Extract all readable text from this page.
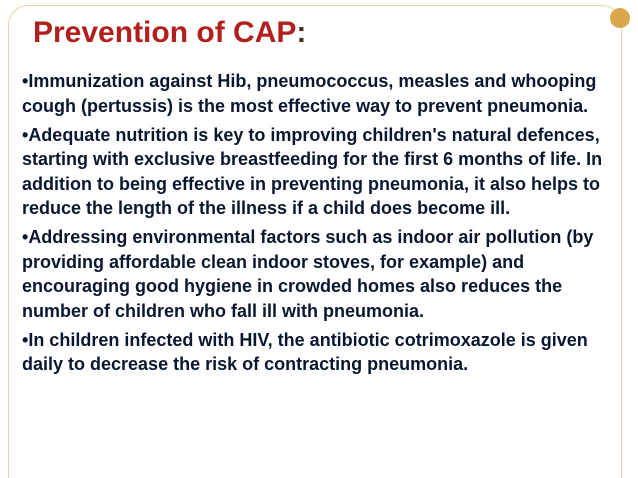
Prevention of CAP:

•Immunization against Hib, pneumococcus, measles and whooping cough (pertussis) is the most effective way to prevent pneumonia.

•Adequate nutrition is key to improving children's natural defences, starting with exclusive breastfeeding for the first 6 months of life. In addition to being effective in preventing pneumonia, it also helps to reduce the length of the illness if a child does become ill.

•Addressing environmental factors such as indoor air pollution (by providing affordable clean indoor stoves, for example) and encouraging good hygiene in crowded homes also reduces the number of children who fall ill with pneumonia.

•In children infected with HIV, the antibiotic cotrimoxazole is given daily to decrease the risk of contracting pneumonia.
